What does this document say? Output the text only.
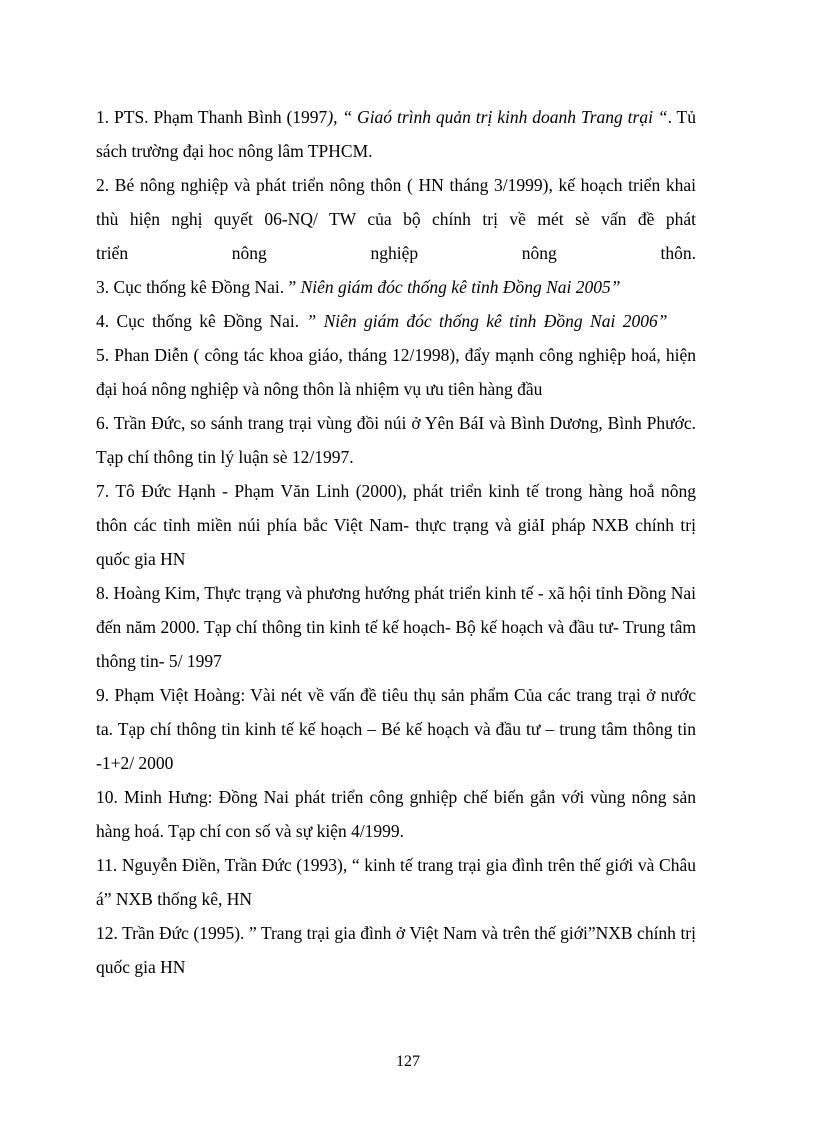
1. PTS. Phạm Thanh Bình (1997), “ Giaó trình quản trị kinh doanh Trang trại “. Tủ sách trường đại hoc nông lâm TPHCM.

2. Bé nông nghiệp và phát triển nông thôn ( HN tháng 3/1999), kế hoạch triển khai thù hiện nghị quyết 06-NQ/ TW của bộ chính trị về mét sè vấn đề phát
triển nông nghiệp nông thôn.

3. Cục thống kê Đồng Nai. ” Niên giám đóc thống kê tỉnh Đồng Nai 2005”

4. Cục thống kê Đồng Nai. ” Niên giám đóc thống kê tỉnh Đồng Nai 2006”

5. Phan Diễn ( công tác khoa giáo, tháng 12/1998), đẩy mạnh công nghiệp hoá, hiện đại hoá nông nghiệp và nông thôn là nhiệm vụ ưu tiên hàng đầu

6. Trần Đức, so sánh trang trại vùng đồi núi ở Yên BáI và Bình Dương, Bình Phước. Tạp chí thông tin lý luận sè 12/1997.

7. Tô Đức Hạnh - Phạm Văn Linh (2000), phát triển kinh tế trong hàng hoắ nông thôn các tỉnh miền núi phía bắc Việt Nam- thực trạng và giảI pháp NXB chính trị quốc gia HN

8. Hoàng Kim, Thực trạng và phương hướng phát triển kinh tế - xã hội tỉnh Đồng Nai đến năm 2000. Tạp chí thông tin kinh tế kế hoạch- Bộ kế hoạch và đầu tư- Trung tâm thông tin- 5/ 1997

9. Phạm Việt Hoàng: Vài nét về vấn đề tiêu thụ sản phẩm Của các trang trại ở nước ta. Tạp chí thông tin kinh tế kế hoạch – Bé kế hoạch và đầu tư – trung tâm thông tin -1+2/ 2000

10. Minh Hưng: Đồng Nai phát triển công gnhiệp chế biến gắn với vùng nông sản hàng hoá. Tạp chí con số và sự kiện 4/1999.

11. Nguyễn Điền, Trần Đức (1993), “ kinh tế trang trại gia đình trên thế giới và Châu á” NXB thống kê, HN

12. Trần Đức (1995). ” Trang trại gia đình ở Việt Nam và trên thế giới”NXB chính trị quốc gia HN

127
